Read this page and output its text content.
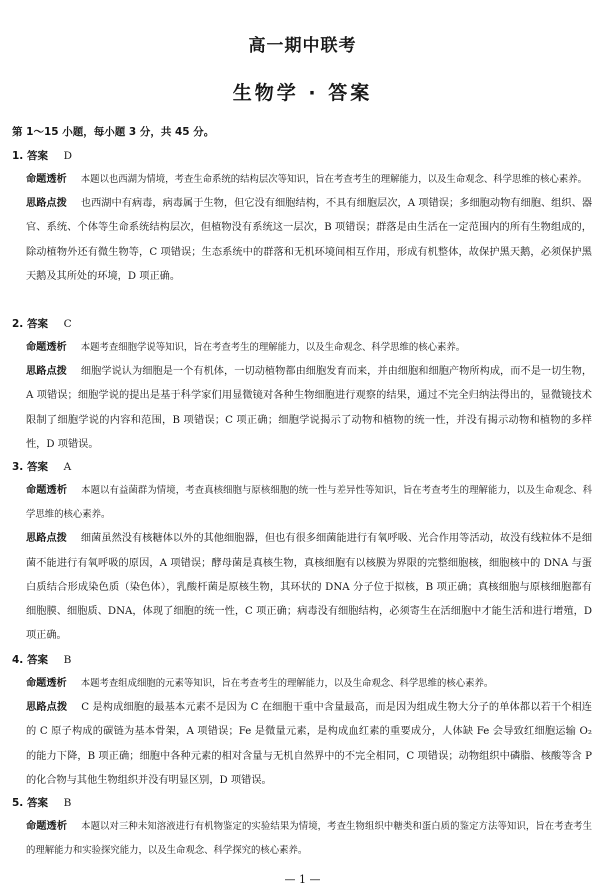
高一期中联考
生物学 · 答案
第 1～15 小题，每小题 3 分，共 45 分。
1. 答案 D
命题透析 本题以也西湖为情境，考查生命系统的结构层次等知识，旨在考查考生的理解能力，以及生命观念、科学思维的核心素养。
思路点拨 也西湖中有病毒，病毒属于生物，但它没有细胞结构，不具有细胞层次，A 项错误；多细胞动物有细胞、组织、器官、系统、个体等生命系统结构层次，但植物没有系统这一层次，B 项错误；群落是由生活在一定范围内的所有生物组成的，除动植物外还有微生物等，C 项错误；生态系统中的群落和无机环境间相互作用，形成有机整体，故保护黑天鹅，必须保护黑天鹅及其所处的环境，D 项正确。
2. 答案 C
命题透析 本题考查细胞学说等知识，旨在考查考生的理解能力，以及生命观念、科学思维的核心素养。
思路点拨 细胞学说认为细胞是一个有机体，一切动植物都由细胞发育而来，并由细胞和细胞产物所构成，而不是一切生物，A 项错误；细胞学说的提出是基于科学家们用显微镜对各种生物细胞进行观察的结果，通过不完全归纳法得出的，显微镜技术限制了细胞学说的内容和范围，B 项错误；C 项正确；细胞学说揭示了动物和植物的统一性，并没有揭示动物和植物的多样性，D 项错误。
3. 答案 A
命题透析 本题以有益菌群为情境，考查真核细胞与原核细胞的统一性与差异性等知识，旨在考查考生的理解能力，以及生命观念、科学思维的核心素养。
思路点拨 细菌虽然没有核糖体以外的其他细胞器，但也有很多细菌能进行有氧呼吸、光合作用等活动，故没有线粒体不是细菌不能进行有氧呼吸的原因，A 项错误；酵母菌是真核生物，真核细胞有以核膜为界限的完整细胞核，细胞核中的 DNA 与蛋白质结合形成染色质（染色体），乳酸杆菌是原核生物，其环状的 DNA 分子位于拟核，B 项正确；真核细胞与原核细胞都有细胞膜、细胞质、DNA，体现了细胞的统一性，C 项正确；病毒没有细胞结构，必须寄生在活细胞中才能生活和进行增殖，D 项正确。
4. 答案 B
命题透析 本题考查组成细胞的元素等知识，旨在考查考生的理解能力，以及生命观念、科学思维的核心素养。
思路点拨 C 是构成细胞的最基本元素不是因为 C 在细胞干重中含量最高，而是因为组成生物大分子的单体都以若干个相连的 C 原子构成的碳链为基本骨架，A 项错误；Fe 是微量元素，是构成血红素的重要成分，人体缺 Fe 会导致红细胞运输 O₂ 的能力下降，B 项正确；细胞中各种元素的相对含量与无机自然界中的不完全相同，C 项错误；动物组织中磷脂、核酸等含 P 的化合物与其他生物组织并没有明显区别，D 项错误。
5. 答案 B
命题透析 本题以对三种未知溶液进行有机物鉴定的实验结果为情境，考查生物组织中糖类和蛋白质的鉴定方法等知识，旨在考查考生的理解能力和实验探究能力，以及生命观念、科学探究的核心素养。
— 1 —
